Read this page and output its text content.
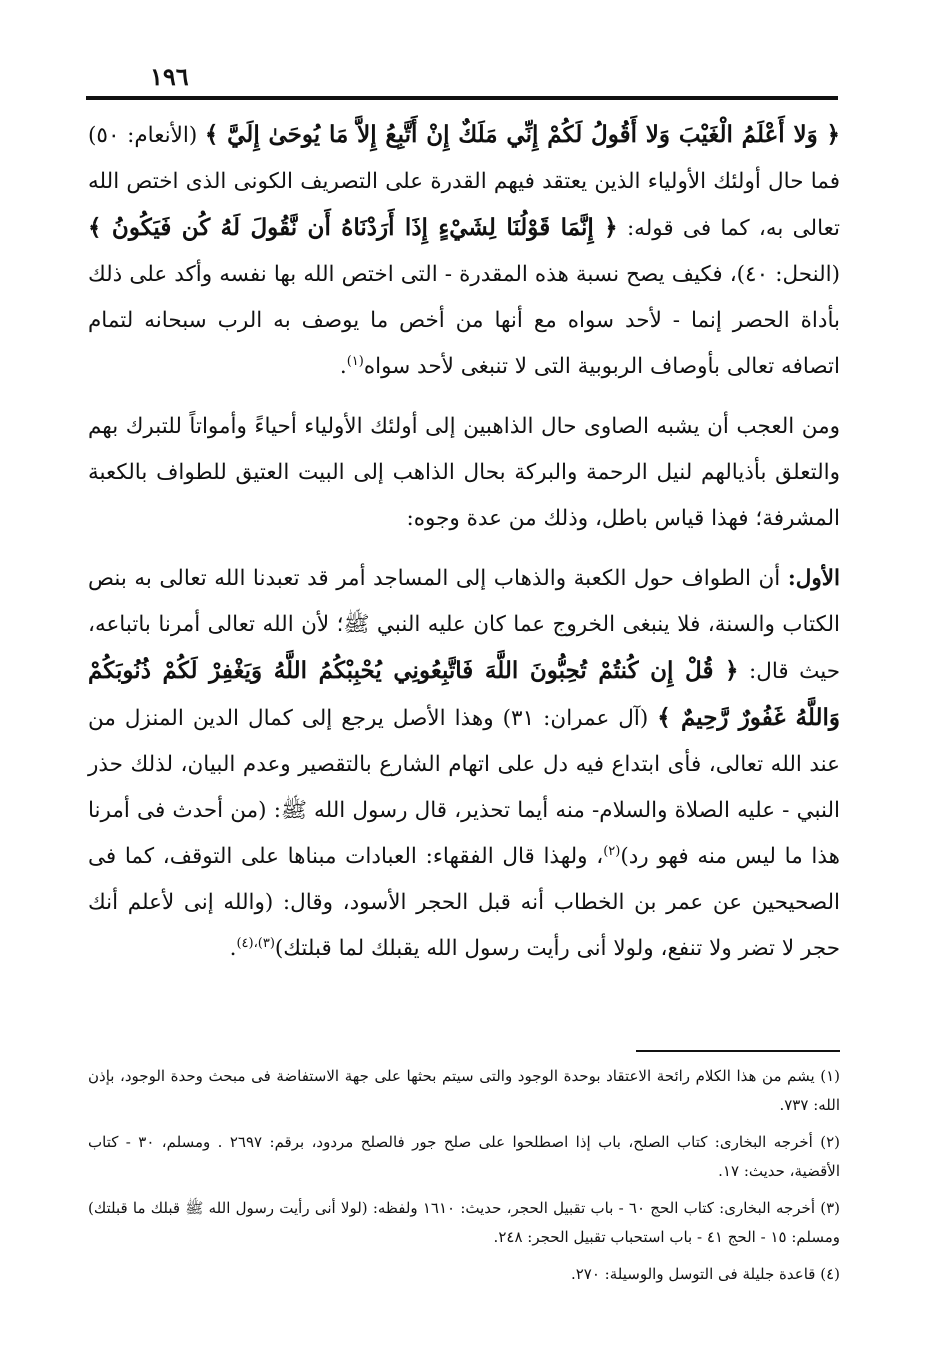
١٩٦

﴿ وَلا أَعْلَمُ الْغَيْبَ وَلا أَقُولُ لَكُمْ إِنِّي مَلَكٌ إِنْ أَتَّبِعُ إِلاَّ مَا يُوحَىٰ إِلَيَّ ﴾ (الأنعام: ٥٠) فما حال أولئك الأولياء الذين يعتقد فيهم القدرة على التصريف الكونى الذى اختص الله تعالى به، كما فى قوله: ﴿ إِنَّمَا قَوْلُنَا لِشَيْءٍ إِذَا أَرَدْنَاهُ أَن نَّقُولَ لَهُ كُن فَيَكُونُ ﴾ (النحل: ٤٠)، فكيف يصح نسبة هذه المقدرة - التى اختص الله بها نفسه وأكد على ذلك بأداة الحصر إنما - لأحد سواه مع أنها من أخص ما يوصف به الرب سبحانه لتمام اتصافه تعالى بأوصاف الربوبية التى لا تنبغى لأحد سواه$^{(١)}$.

ومن العجب أن يشبه الصاوى حال الذاهبين إلى أولئك الأولياء أحياءً وأمواتاً للتبرك بهم والتعلق بأذيالهم لنيل الرحمة والبركة بحال الذاهب إلى البيت العتيق للطواف بالكعبة المشرفة؛ فهذا قياس باطل، وذلك من عدة وجوه:

الأول: أن الطواف حول الكعبة والذهاب إلى المساجد أمر قد تعبدنا الله تعالى به بنص الكتاب والسنة، فلا ينبغى الخروج عما كان عليه النبي ﷺ؛ لأن الله تعالى أمرنا باتباعه، حيث قال: ﴿ قُلْ إِن كُنتُمْ تُحِبُّونَ اللَّهَ فَاتَّبِعُونِي يُحْبِبْكُمُ اللَّهُ وَيَغْفِرْ لَكُمْ ذُنُوبَكُمْ وَاللَّهُ غَفُورٌ رَّحِيمٌ ﴾ (آل عمران: ٣١) وهذا الأصل يرجع إلى كمال الدين المنزل من عند الله تعالى، فأى ابتداع فيه دل على اتهام الشارع بالتقصير وعدم البيان، لذلك حذر النبي - عليه الصلاة والسلام- منه أيما تحذير، قال رسول الله ﷺ: (من أحدث فى أمرنا هذا ما ليس منه فهو رد)$^{(٢)}$، ولهذا قال الفقهاء: العبادات مبناها على التوقف، كما فى الصحيحين عن عمر بن الخطاب أنه قبل الحجر الأسود، وقال: (والله إنى لأعلم أنك حجر لا تضر ولا تنفع، ولولا أنى رأيت رسول الله يقبلك لما قبلتك)$^{(٣)،(٤)}$.

(١) يشم من هذا الكلام رائحة الاعتقاد بوحدة الوجود والتى سيتم بحثها على جهة الاستفاضة فى مبحث وحدة الوجود، بإذن الله: ٧٣٧.

(٢) أخرجه البخارى: كتاب الصلح، باب إذا اصطلحوا على صلح جور فالصلح مردود، برقم: ٢٦٩٧ . ومسلم، ٣٠ - كتاب الأقضية، حديث: ١٧.

(٣) أخرجه البخارى: كتاب الحج ٦٠ - باب تقبيل الحجر، حديث: ١٦١٠ ولفظه: (لولا أنى رأيت رسول الله ﷺ قبلك ما قبلتك) ومسلم: ١٥ - الحج ٤١ - باب استحباب تقبيل الحجر: ٢٤٨.

(٤) قاعدة جليلة فى التوسل والوسيلة: ٢٧٠.
